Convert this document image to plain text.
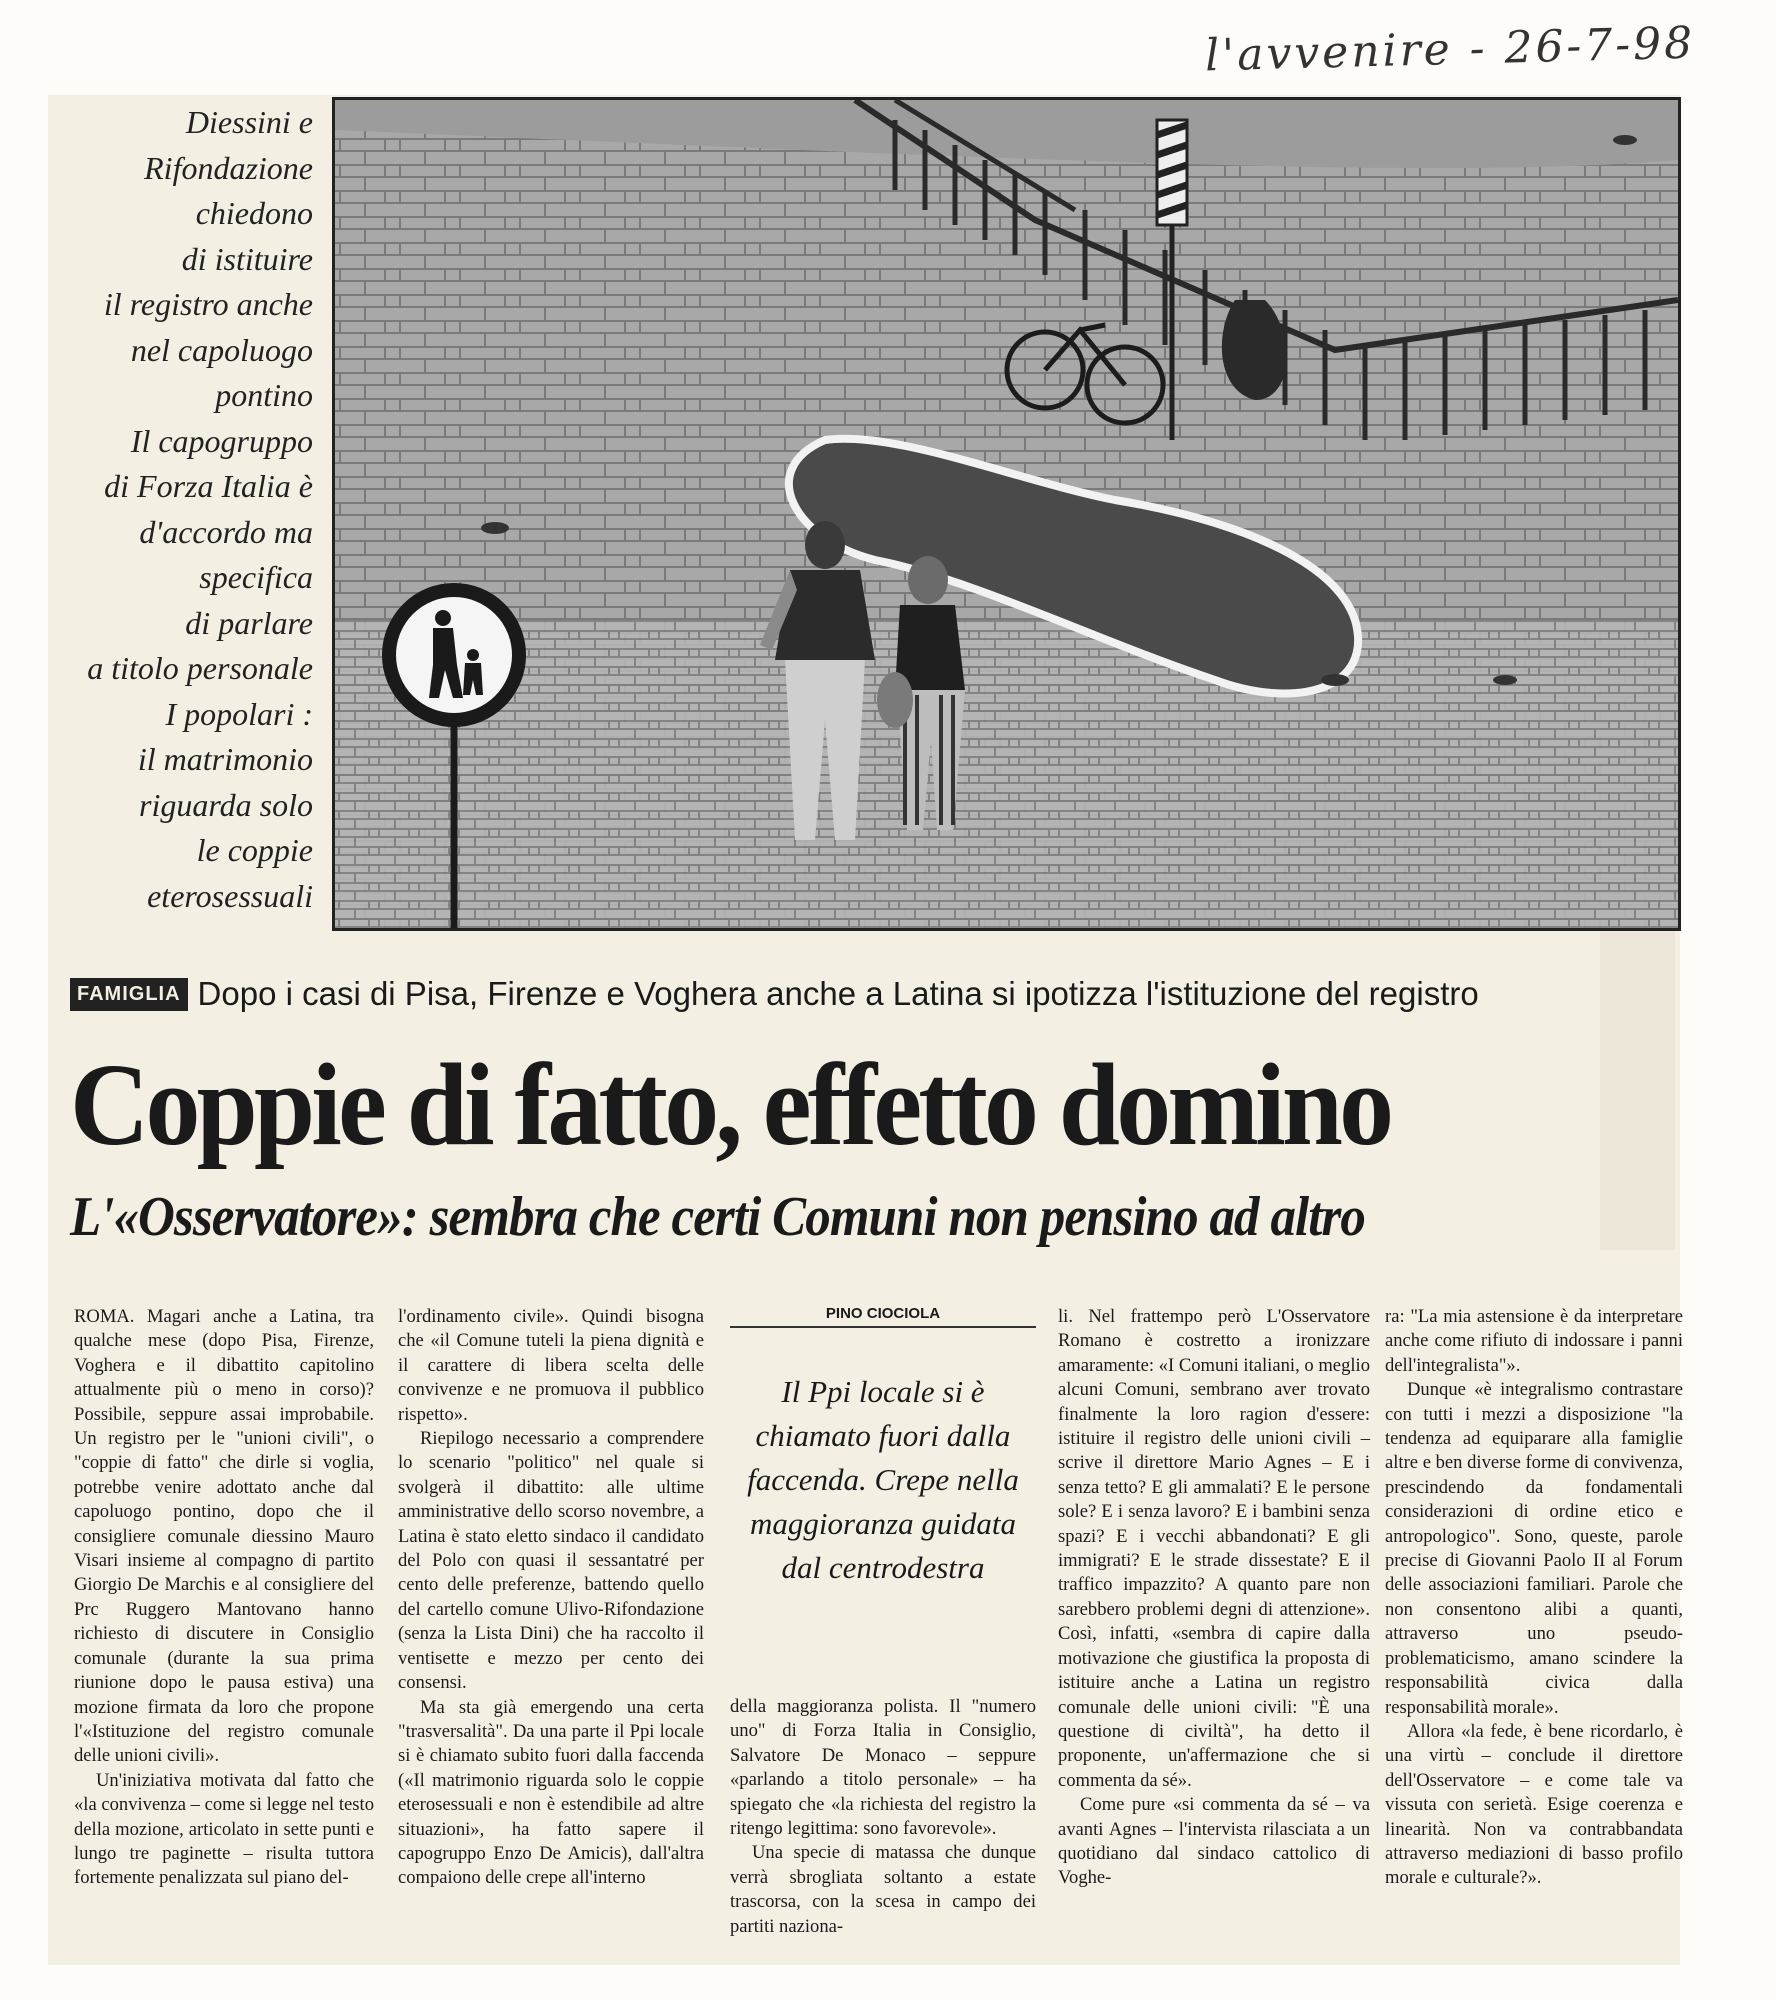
l'avvenire - 26-7-98
Diessini e
Rifondazione
chiedono
di istituire
il registro anche
nel capoluogo
pontino
Il capogruppo
di Forza Italia è
d'accordo ma
specifica
di parlare
a titolo personale
I popolari :
il matrimonio
riguarda solo
le coppie
eterosessuali
FAMIGLIA Dopo i casi di Pisa, Firenze e Voghera anche a Latina si ipotizza l'istituzione del registro
Coppie di fatto, effetto domino
L'«Osservatore»: sembra che certi Comuni non pensino ad altro

ROMA. Magari anche a Latina, tra qualche mese (dopo Pisa, Firenze, Voghera e il dibattito capitolino attualmente più o meno in corso)? Possibile, seppure assai improbabile. Un registro per le "unioni civili", o "coppie di fatto" che dirle si voglia, potrebbe venire adottato anche dal capoluogo pontino, dopo che il consigliere comunale diessino Mauro Visari insieme al compagno di partito Giorgio De Marchis e al consigliere del Prc Ruggero Mantovano hanno richiesto di discutere in Consiglio comunale (durante la sua prima riunione dopo le pausa estiva) una mozione firmata da loro che propone l'«Istituzione del registro comunale delle unioni civili».

Un'iniziativa motivata dal fatto che «la convivenza – come si legge nel testo della mozione, articolato in sette punti e lungo tre paginette – risulta tuttora fortemente penalizzata sul piano del-

l'ordinamento civile». Quindi bisogna che «il Comune tuteli la piena dignità e il carattere di libera scelta delle convivenze e ne promuova il pubblico rispetto».

Riepilogo necessario a comprendere lo scenario "politico" nel quale si svolgerà il dibattito: alle ultime amministrative dello scorso novembre, a Latina è stato eletto sindaco il candidato del Polo con quasi il sessantatré per cento delle preferenze, battendo quello del cartello comune Ulivo-Rifondazione (senza la Lista Dini) che ha raccolto il ventisette e mezzo per cento dei consensi.

Ma sta già emergendo una certa "trasversalità". Da una parte il Ppi locale si è chiamato subito fuori dalla faccenda («Il matrimonio riguarda solo le coppie eterosessuali e non è estendibile ad altre situazioni», ha fatto sapere il capogruppo Enzo De Amicis), dall'altra compaiono delle crepe all'interno

PINO CIOCIOLA
Il Ppi locale si è chiamato fuori dalla faccenda. Crepe nella maggioranza guidata dal centrodestra

della maggioranza polista. Il "numero uno" di Forza Italia in Consiglio, Salvatore De Monaco – seppure «parlando a titolo personale» – ha spiegato che «la richiesta del registro la ritengo legittima: sono favorevole».

Una specie di matassa che dunque verrà sbrogliata soltanto a estate trascorsa, con la scesa in campo dei partiti naziona-

li. Nel frattempo però L'Osservatore Romano è costretto a ironizzare amaramente: «I Comuni italiani, o meglio alcuni Comuni, sembrano aver trovato finalmente la loro ragion d'essere: istituire il registro delle unioni civili – scrive il direttore Mario Agnes – E i senza tetto? E gli ammalati? E le persone sole? E i senza lavoro? E i bambini senza spazi? E i vecchi abbandonati? E gli immigrati? E le strade dissestate? E il traffico impazzito? A quanto pare non sarebbero problemi degni di attenzione». Così, infatti, «sembra di capire dalla motivazione che giustifica la proposta di istituire anche a Latina un registro comunale delle unioni civili: "È una questione di civiltà", ha detto il proponente, un'affermazione che si commenta da sé».

Come pure «si commenta da sé – va avanti Agnes – l'intervista rilasciata a un quotidiano dal sindaco cattolico di Voghe-

ra: "La mia astensione è da interpretare anche come rifiuto di indossare i panni dell'integralista"».

Dunque «è integralismo contrastare con tutti i mezzi a disposizione "la tendenza ad equiparare alla famiglie altre e ben diverse forme di convivenza, prescindendo da fondamentali considerazioni di ordine etico e antropologico". Sono, queste, parole precise di Giovanni Paolo II al Forum delle associazioni familiari. Parole che non consentono alibi a quanti, attraverso uno pseudo-problematicismo, amano scindere la responsabilità civica dalla responsabilità morale».

Allora «la fede, è bene ricordarlo, è una virtù – conclude il direttore dell'Osservatore – e come tale va vissuta con serietà. Esige coerenza e linearità. Non va contrabbandata attraverso mediazioni di basso profilo morale e culturale?».
